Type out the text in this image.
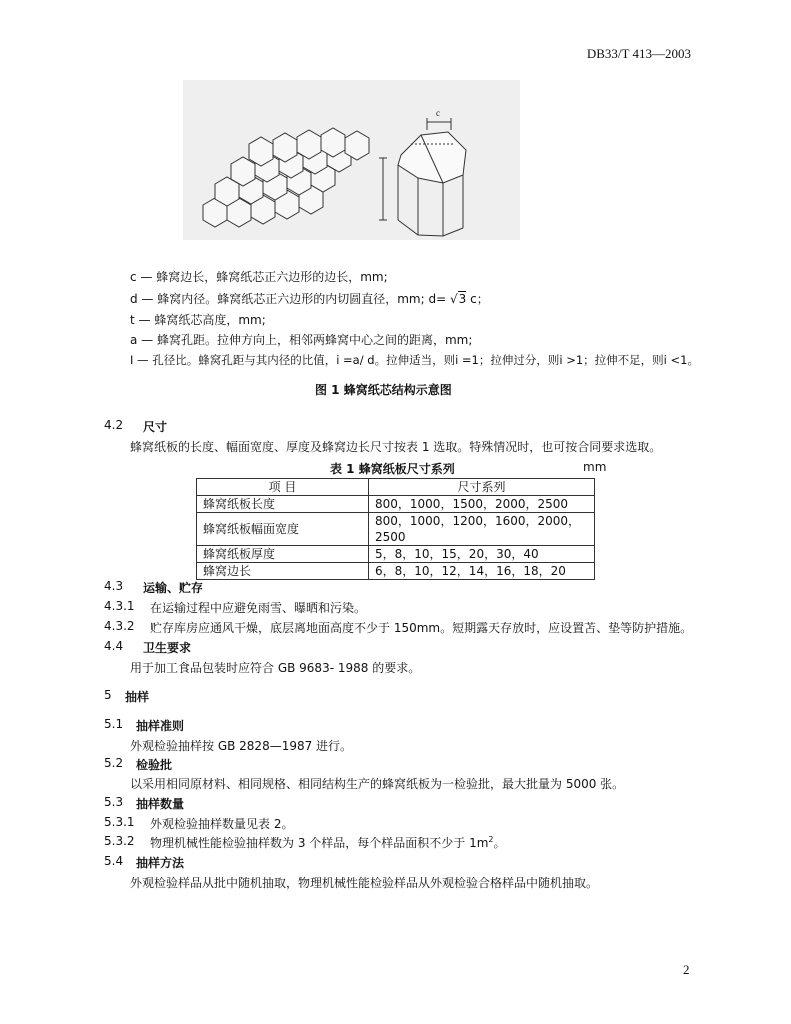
DB33/T 413—2003
c
c — 蜂窝边长，蜂窝纸芯正六边形的边长，mm;
d — 蜂窝内径。蜂窝纸芯正六边形的内切圆直径，mm; d= √3 c；
t — 蜂窝纸芯高度，mm;
a — 蜂窝孔距。拉伸方向上，相邻两蜂窝中心之间的距离，mm;
I — 孔径比。蜂窝孔距与其内径的比值，i =a/ d。拉伸适当，则i =1；拉伸过分，则i >1；拉伸不足，则i <1。
图 1 蜂窝纸芯结构示意图
4.2 尺寸
蜂窝纸板的长度、幅面宽度、厚度及蜂窝边长尺寸按表 1 选取。特殊情况时，也可按合同要求选取。
表 1 蜂窝纸板尺寸系列	mm
项 目	尺寸系列
蜂窝纸板长度	800，1000，1500，2000，2500
蜂窝纸板幅面宽度	800，1000，1200，1600，2000，2500
蜂窝纸板厚度	5，8，10，15，20，30，40
蜂窝边长	6，8，10，12，14，16，18，20
4.3 运输、贮存
4.3.1 在运输过程中应避免雨雪、曝晒和污染。
4.3.2 贮存库房应通风干燥，底层离地面高度不少于 150mm。短期露天存放时，应设置苫、垫等防护措施。
4.4 卫生要求
用于加工食品包装时应符合 GB 9683- 1988 的要求。
5 抽样
5.1 抽样准则
外观检验抽样按 GB 2828—1987 进行。
5.2 检验批
以采用相同原材料、相同规格、相同结构生产的蜂窝纸板为一检验批，最大批量为 5000 张。
5.3 抽样数量
5.3.1 外观检验抽样数量见表 2。
5.3.2 物理机械性能检验抽样数为 3 个样品，每个样品面积不少于 $1m^2$。
5.4 抽样方法
外观检验样品从批中随机抽取，物理机械性能检验样品从外观检验合格样品中随机抽取。
2
